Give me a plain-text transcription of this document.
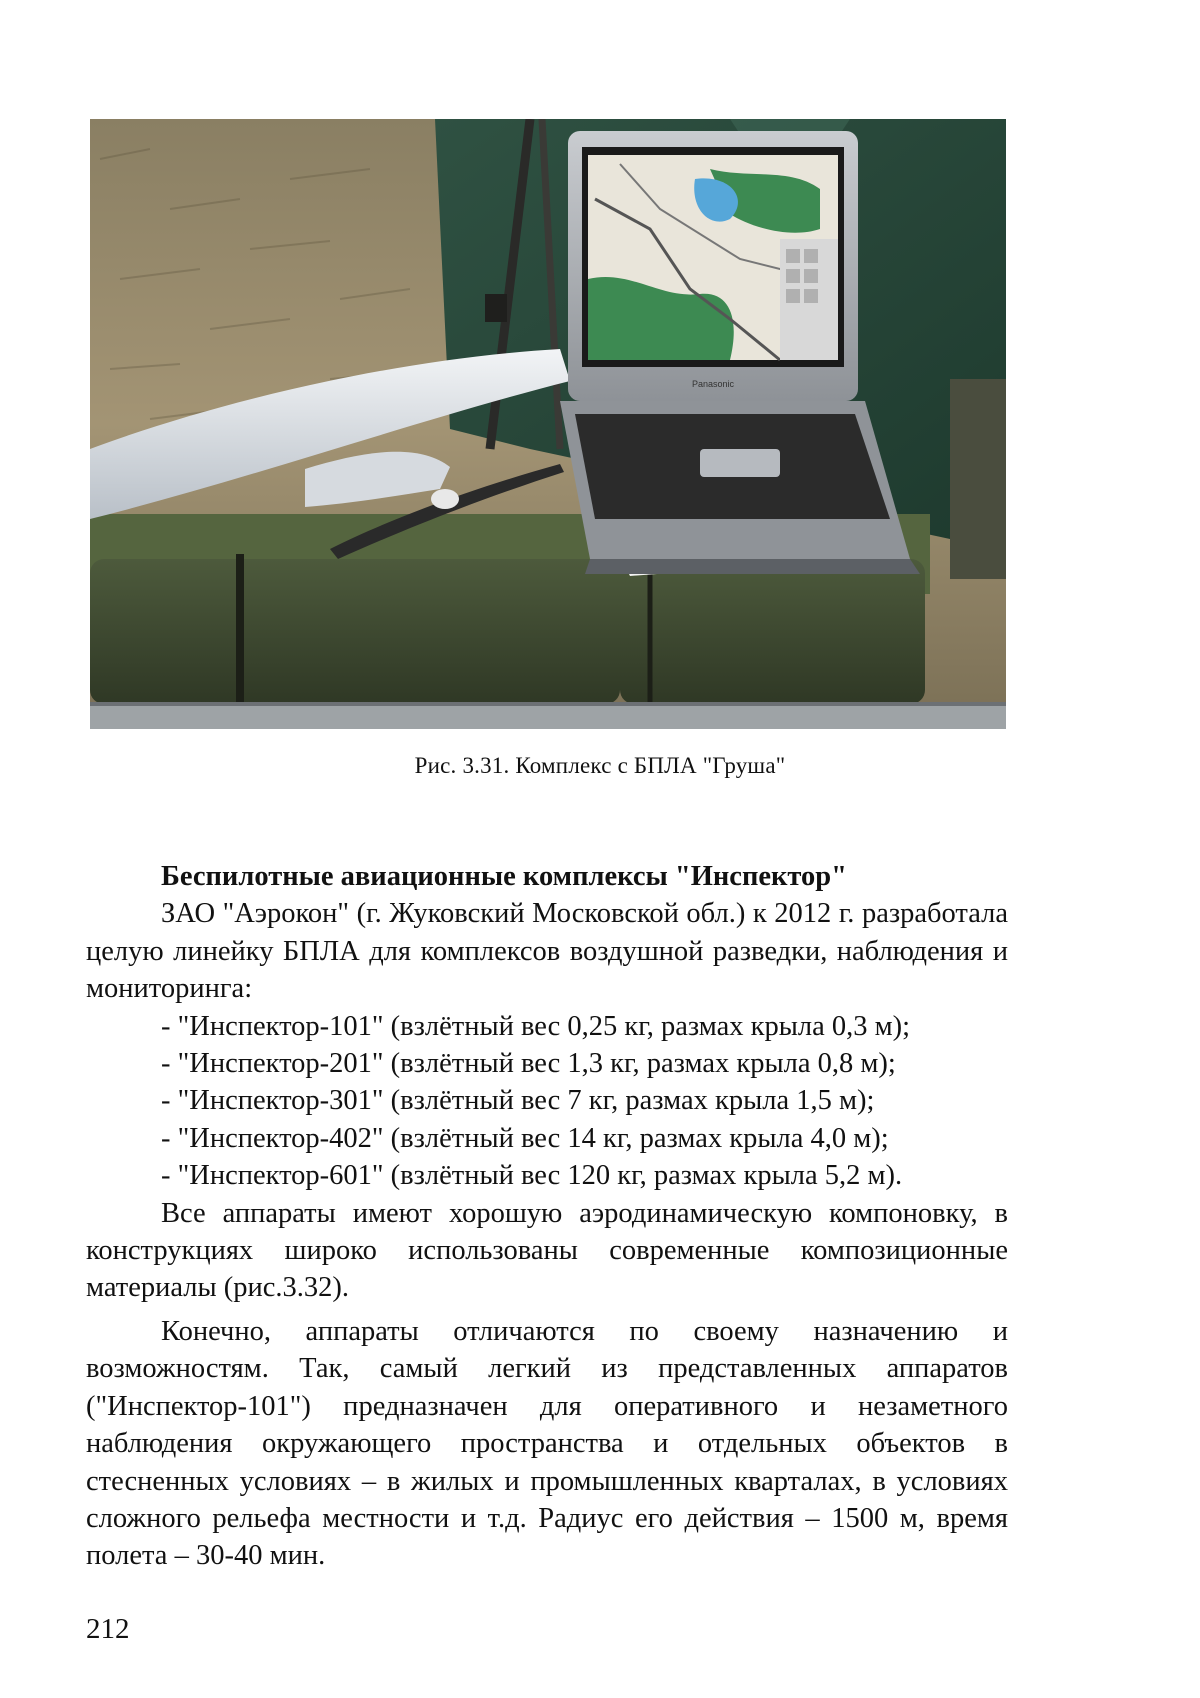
Panasonic
Рис. 3.31. Комплекс с БПЛА "Груша"
Беспилотные авиационные комплексы "Инспектор"

ЗАО "Аэрокон" (г. Жуковский Московской обл.) к 2012 г. разработала целую линейку БПЛА для комплексов воздушной разведки, наблюдения и мониторинга:

- "Инспектор-101" (взлётный вес 0,25 кг, размах крыла 0,3 м);
- "Инспектор-201" (взлётный вес 1,3 кг, размах крыла 0,8 м);
- "Инспектор-301" (взлётный вес 7 кг, размах крыла 1,5 м);
- "Инспектор-402" (взлётный вес 14 кг, размах крыла 4,0 м);
- "Инспектор-601" (взлётный вес 120 кг, размах крыла 5,2 м).

Все аппараты имеют хорошую аэродинамическую компоновку, в конструкциях широко использованы современные композиционные материалы (рис.3.32).

Конечно, аппараты отличаются по своему назначению и возможностям. Так, самый легкий из представленных аппаратов ("Инспектор-101") предназначен для оперативного и незаметного наблюдения окружающего пространства и отдельных объектов в стесненных условиях – в жилых и промышленных кварталах, в условиях сложного рельефа местности и т.д. Радиус его действия – 1500 м, время полета – 30-40 мин.

212
